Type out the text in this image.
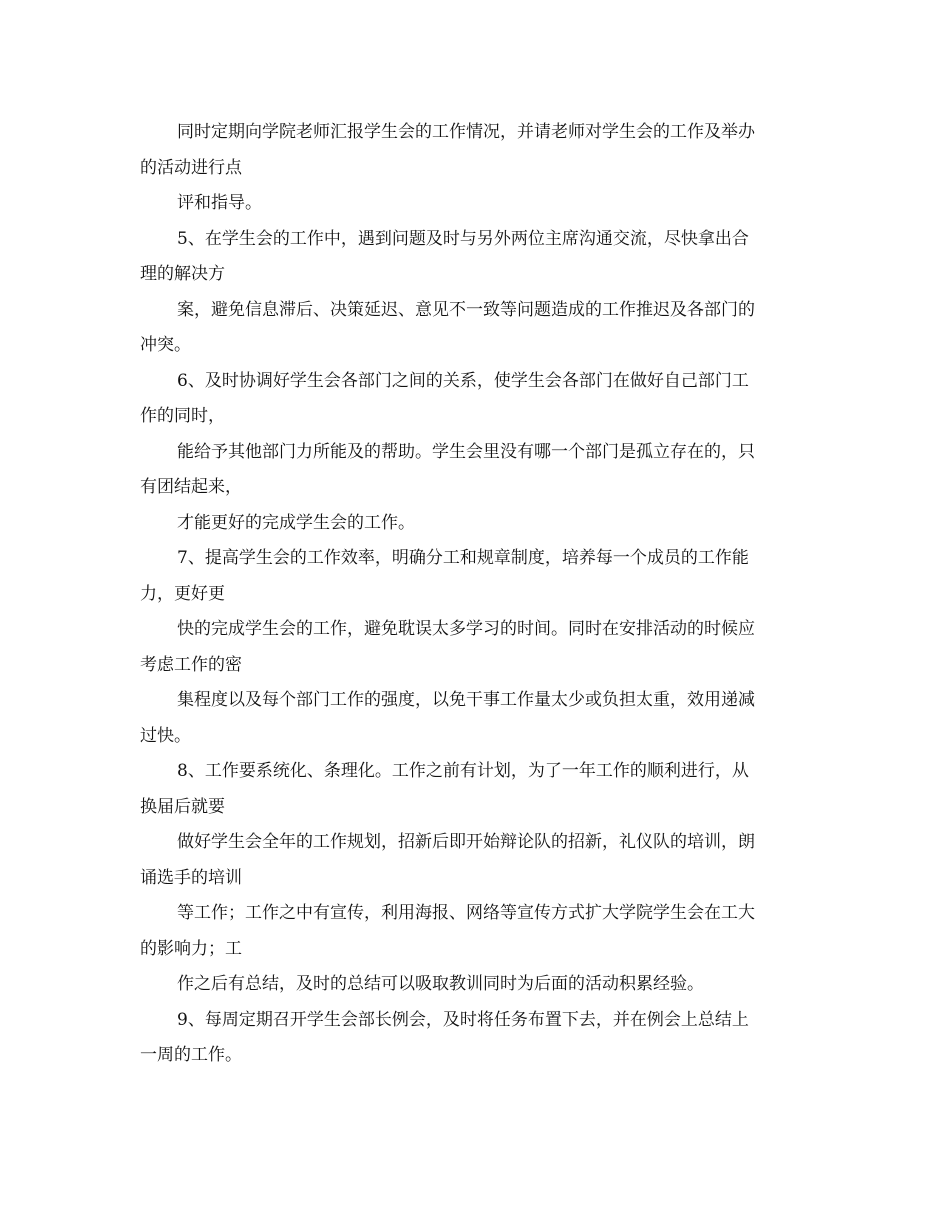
同时定期向学院老师汇报学生会的工作情况，并请老师对学生会的工作及举办
的活动进行点
评和指导。
5、在学生会的工作中，遇到问题及时与另外两位主席沟通交流，尽快拿出合
理的解决方
案，避免信息滞后、决策延迟、意见不一致等问题造成的工作推迟及各部门的
冲突。
6、及时协调好学生会各部门之间的关系，使学生会各部门在做好自己部门工
作的同时，
能给予其他部门力所能及的帮助。学生会里没有哪一个部门是孤立存在的，只
有团结起来，
才能更好的完成学生会的工作。
7、提高学生会的工作效率，明确分工和规章制度，培养每一个成员的工作能
力，更好更
快的完成学生会的工作，避免耽误太多学习的时间。同时在安排活动的时候应
考虑工作的密
集程度以及每个部门工作的强度，以免干事工作量太少或负担太重，效用递减
过快。
8、工作要系统化、条理化。工作之前有计划，为了一年工作的顺利进行，从
换届后就要
做好学生会全年的工作规划，招新后即开始辩论队的招新，礼仪队的培训，朗
诵选手的培训
等工作；工作之中有宣传，利用海报、网络等宣传方式扩大学院学生会在工大
的影响力；工
作之后有总结，及时的总结可以吸取教训同时为后面的活动积累经验。
9、每周定期召开学生会部长例会，及时将任务布置下去，并在例会上总结上
一周的工作。
